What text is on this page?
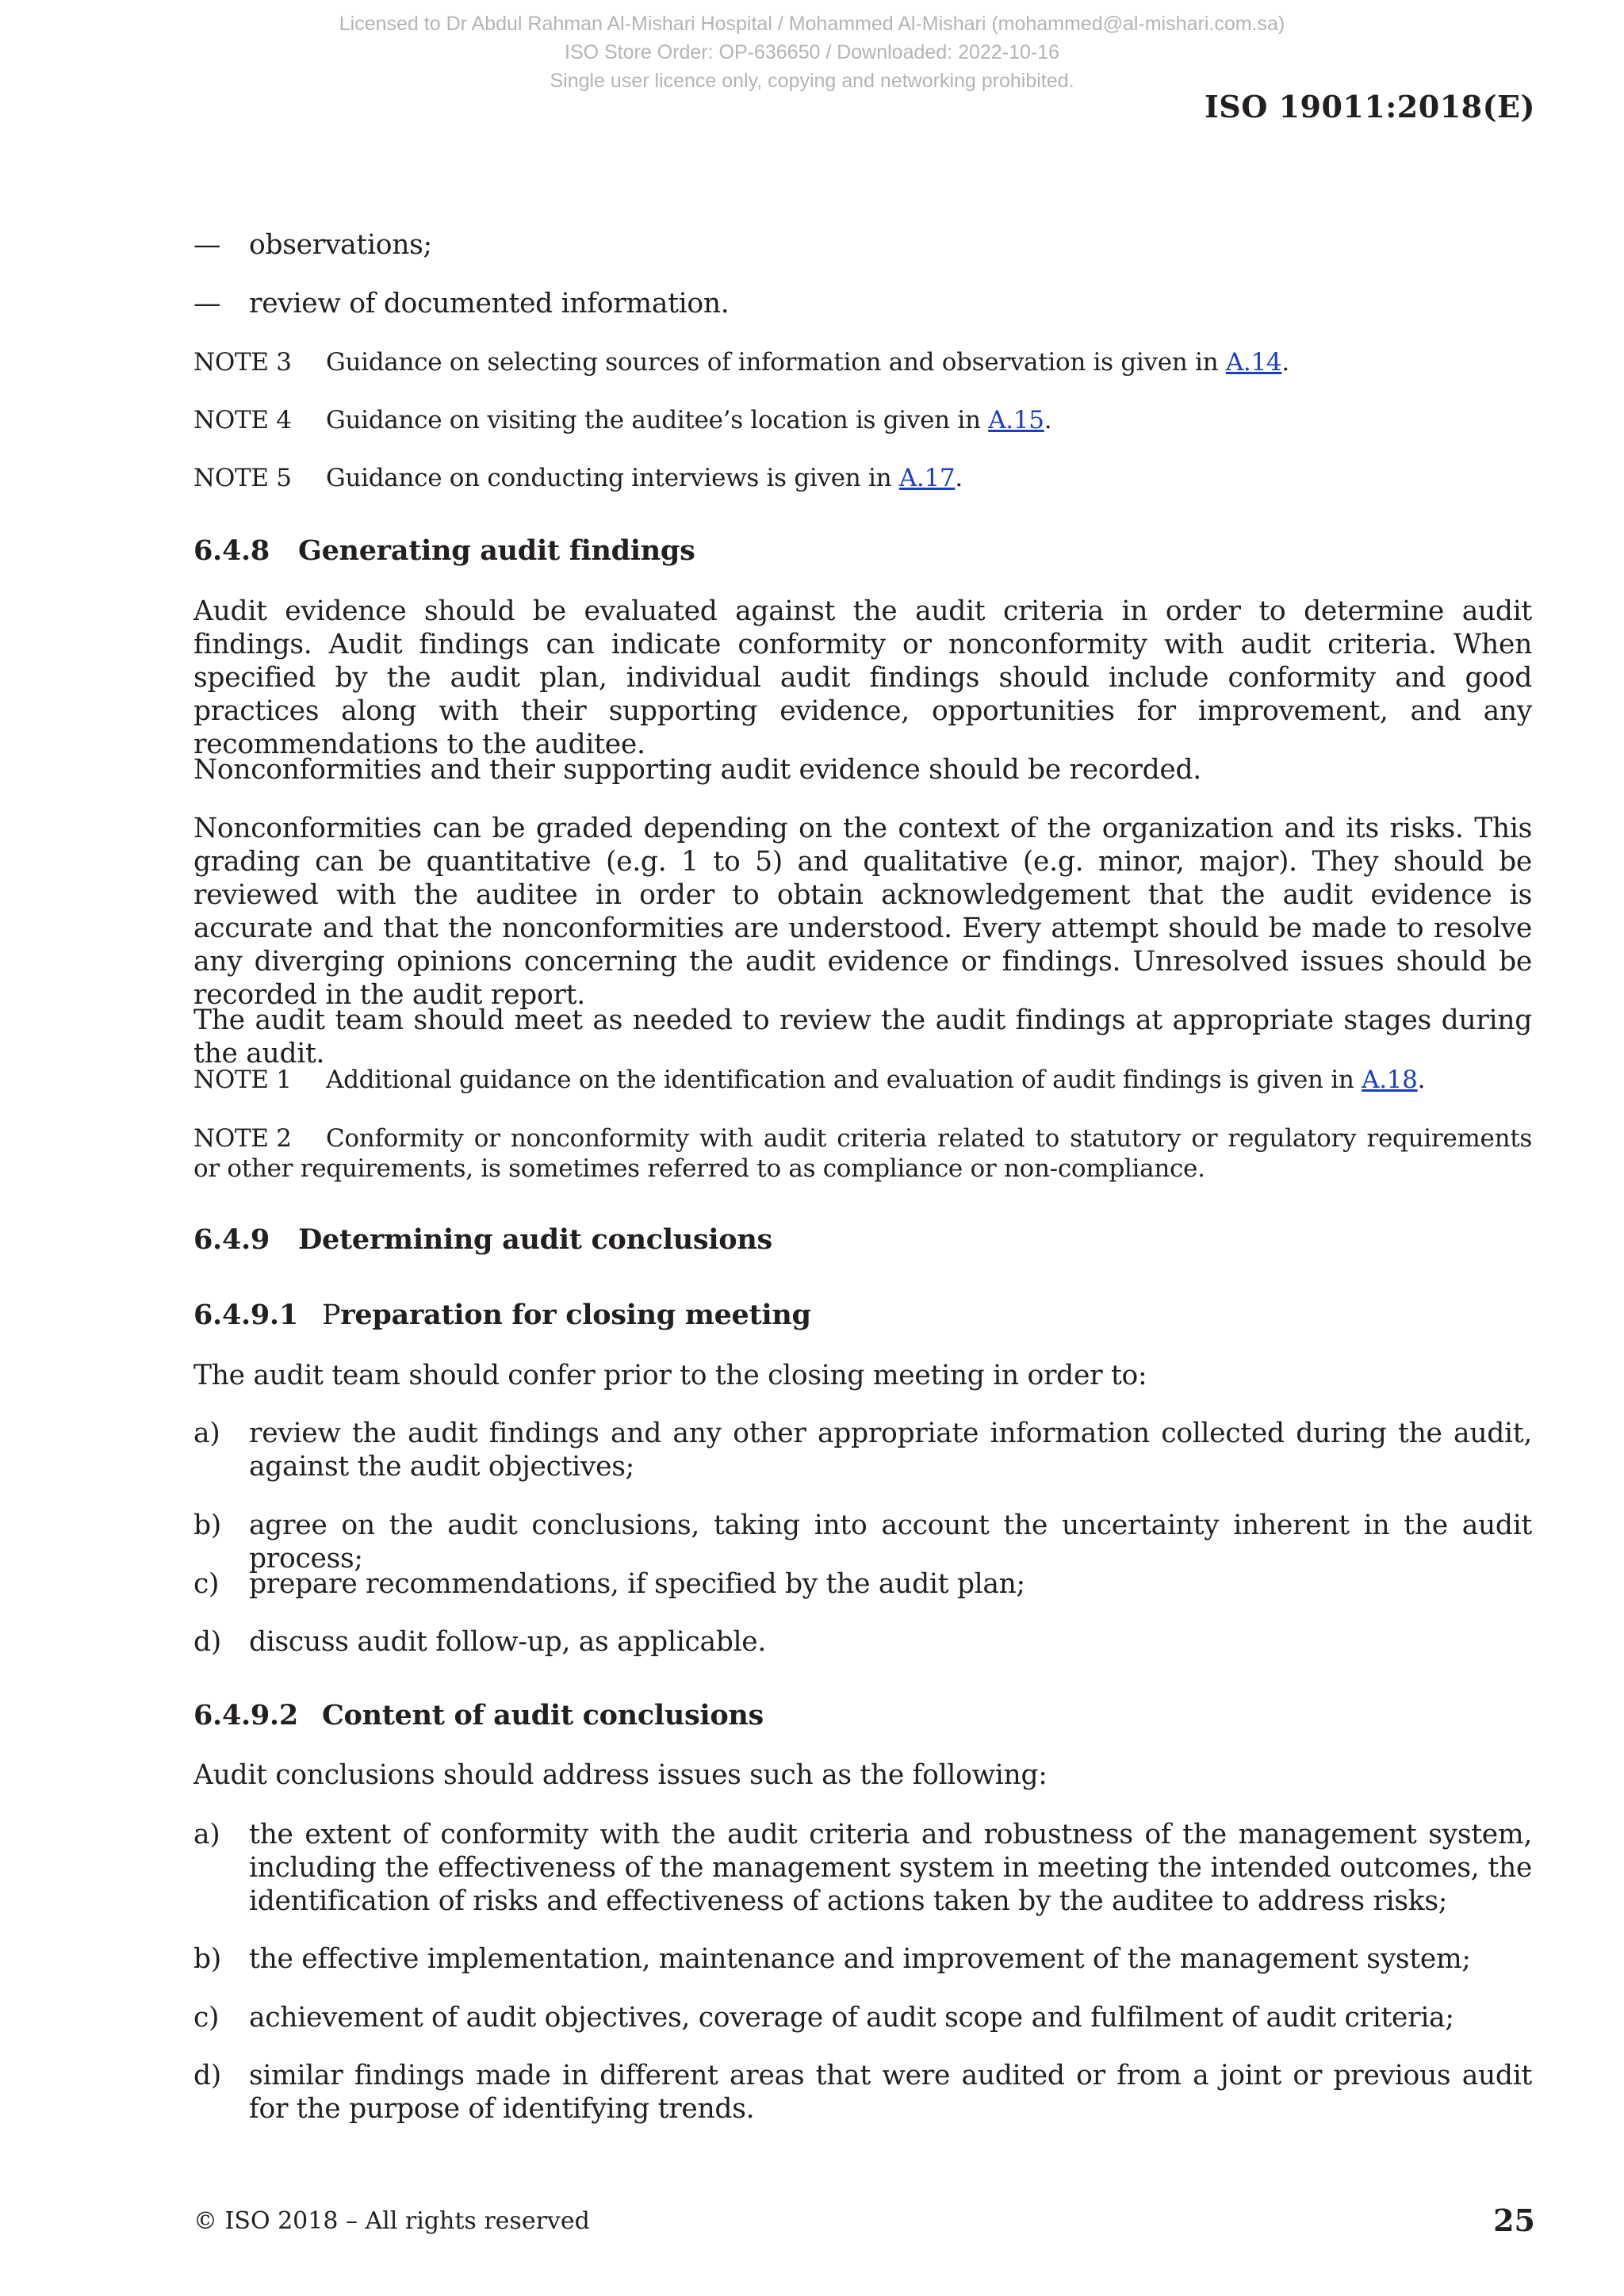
Licensed to Dr Abdul Rahman Al-Mishari Hospital / Mohammed Al-Mishari (mohammed@al-mishari.com.sa)
ISO Store Order: OP-636650 / Downloaded: 2022-10-16
Single user licence only, copying and networking prohibited.
ISO 19011:2018(E)
— observations;
— review of documented information.
NOTE 3 Guidance on selecting sources of information and observation is given in A.14.
NOTE 4 Guidance on visiting the auditee’s location is given in A.15.
NOTE 5 Guidance on conducting interviews is given in A.17.
6.4.8 Generating audit findings
Audit evidence should be evaluated against the audit criteria in order to determine audit findings. Audit findings can indicate conformity or nonconformity with audit criteria. When specified by the audit plan, individual audit findings should include conformity and good practices along with their supporting evidence, opportunities for improvement, and any recommendations to the auditee.
Nonconformities and their supporting audit evidence should be recorded.
Nonconformities can be graded depending on the context of the organization and its risks. This grading can be quantitative (e.g. 1 to 5) and qualitative (e.g. minor, major). They should be reviewed with the auditee in order to obtain acknowledgement that the audit evidence is accurate and that the nonconformities are understood. Every attempt should be made to resolve any diverging opinions concerning the audit evidence or findings. Unresolved issues should be recorded in the audit report.
The audit team should meet as needed to review the audit findings at appropriate stages during the audit.
NOTE 1 Additional guidance on the identification and evaluation of audit findings is given in A.18.
NOTE 2 Conformity or nonconformity with audit criteria related to statutory or regulatory requirements or other requirements, is sometimes referred to as compliance or non-compliance.
6.4.9 Determining audit conclusions
6.4.9.1 Preparation for closing meeting
The audit team should confer prior to the closing meeting in order to:
a) review the audit findings and any other appropriate information collected during the audit, against the audit objectives;
b) agree on the audit conclusions, taking into account the uncertainty inherent in the audit process;
c) prepare recommendations, if specified by the audit plan;
d) discuss audit follow-up, as applicable.
6.4.9.2 Content of audit conclusions
Audit conclusions should address issues such as the following:
a) the extent of conformity with the audit criteria and robustness of the management system, including the effectiveness of the management system in meeting the intended outcomes, the identification of risks and effectiveness of actions taken by the auditee to address risks;
b) the effective implementation, maintenance and improvement of the management system;
c) achievement of audit objectives, coverage of audit scope and fulfilment of audit criteria;
d) similar findings made in different areas that were audited or from a joint or previous audit for the purpose of identifying trends.
© ISO 2018 – All rights reserved	25
